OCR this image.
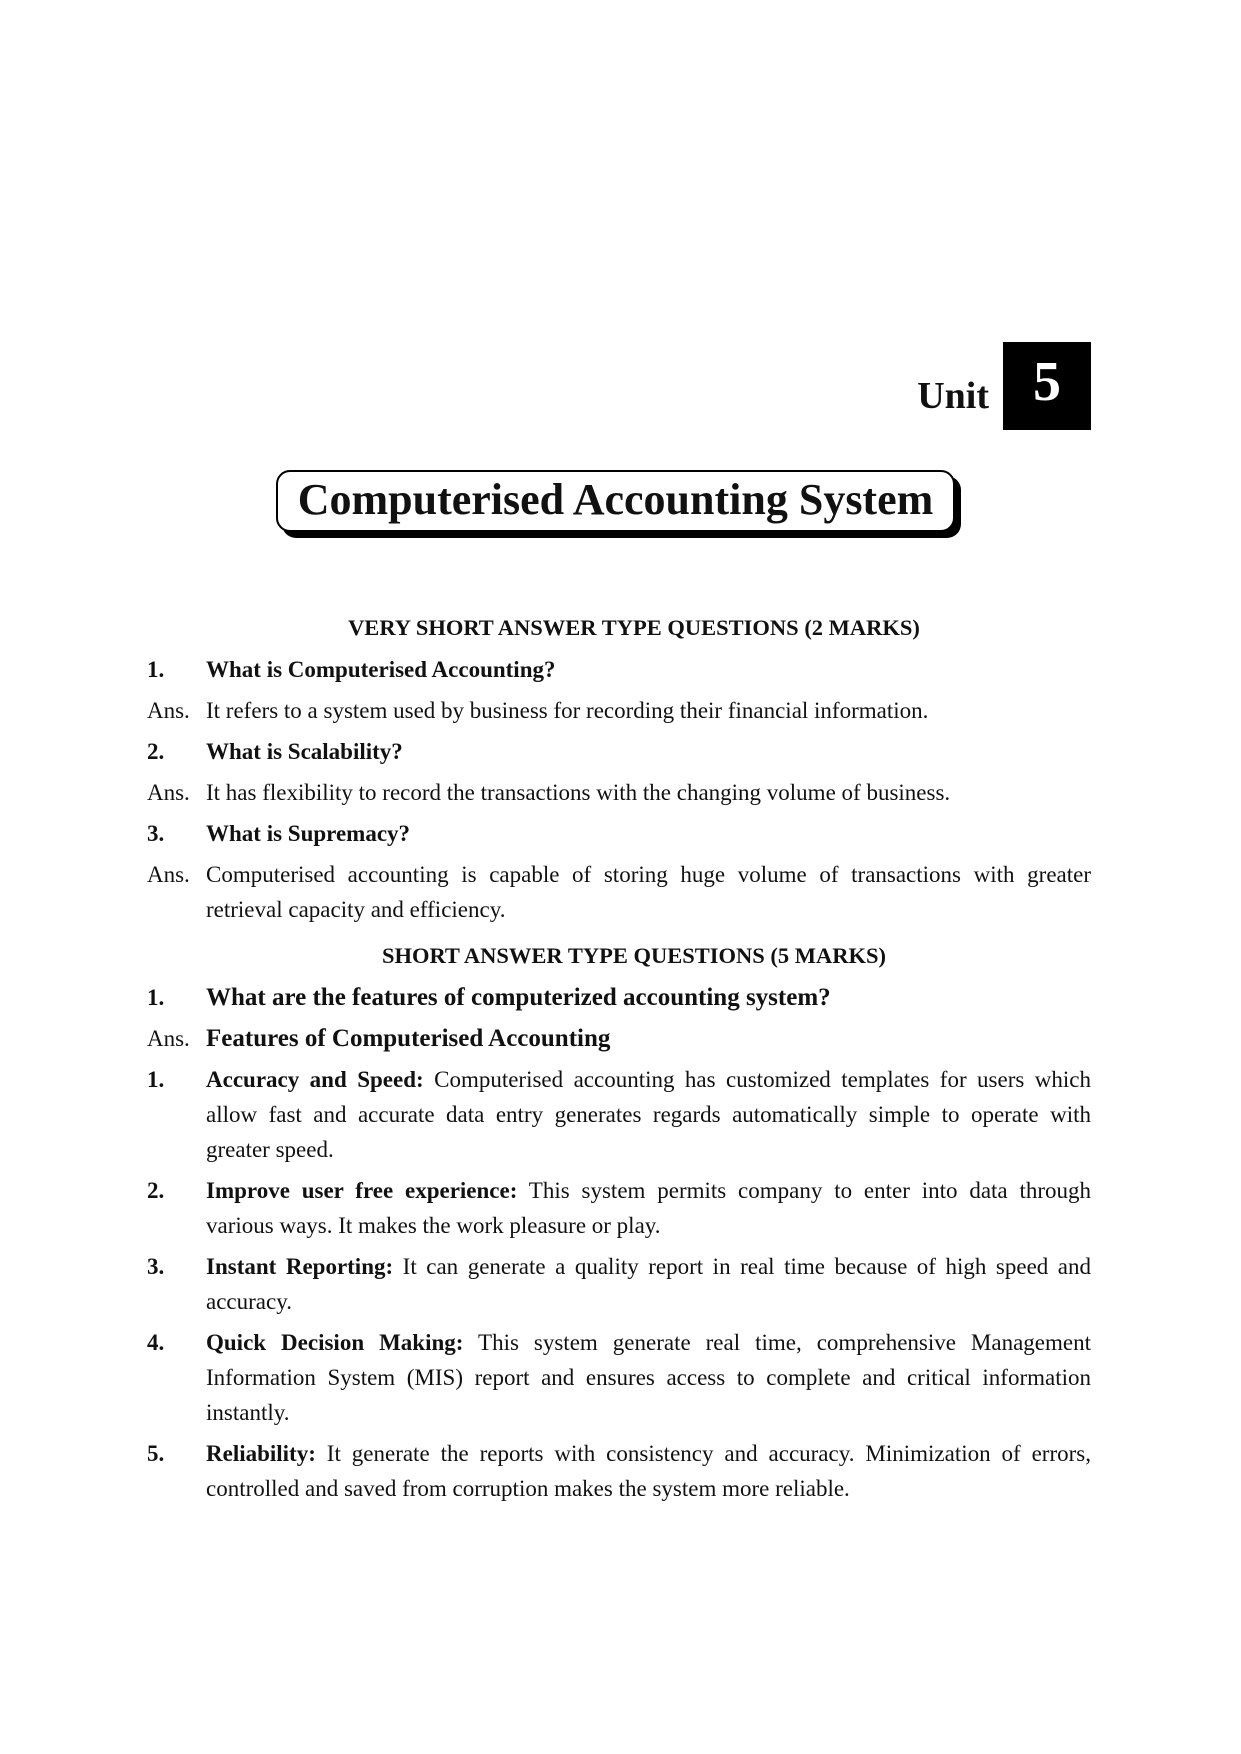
Unit 5
Computerised Accounting System
VERY SHORT ANSWER TYPE QUESTIONS (2 MARKS)
1.	What is Computerised Accounting?
Ans. It refers to a system used by business for recording their financial information.
2.	What is Scalability?
Ans. It has flexibility to record the transactions with the changing volume of business.
3.	What is Supremacy?
Ans. Computerised accounting is capable of storing huge volume of transactions with greater retrieval capacity and efficiency.
SHORT ANSWER TYPE QUESTIONS (5 MARKS)
1.	What are the features of computerized accounting system?
Ans. Features of Computerised Accounting
1.	Accuracy and Speed: Computerised accounting has customized templates for users which allow fast and accurate data entry generates regards automatically simple to operate with greater speed.
2.	Improve user free experience: This system permits company to enter into data through various ways. It makes the work pleasure or play.
3.	Instant Reporting: It can generate a quality report in real time because of high speed and accuracy.
4.	Quick Decision Making: This system generate real time, comprehensive Management Information System (MIS) report and ensures access to complete and critical information instantly.
5.	Reliability: It generate the reports with consistency and accuracy. Minimization of errors, controlled and saved from corruption makes the system more reliable.
